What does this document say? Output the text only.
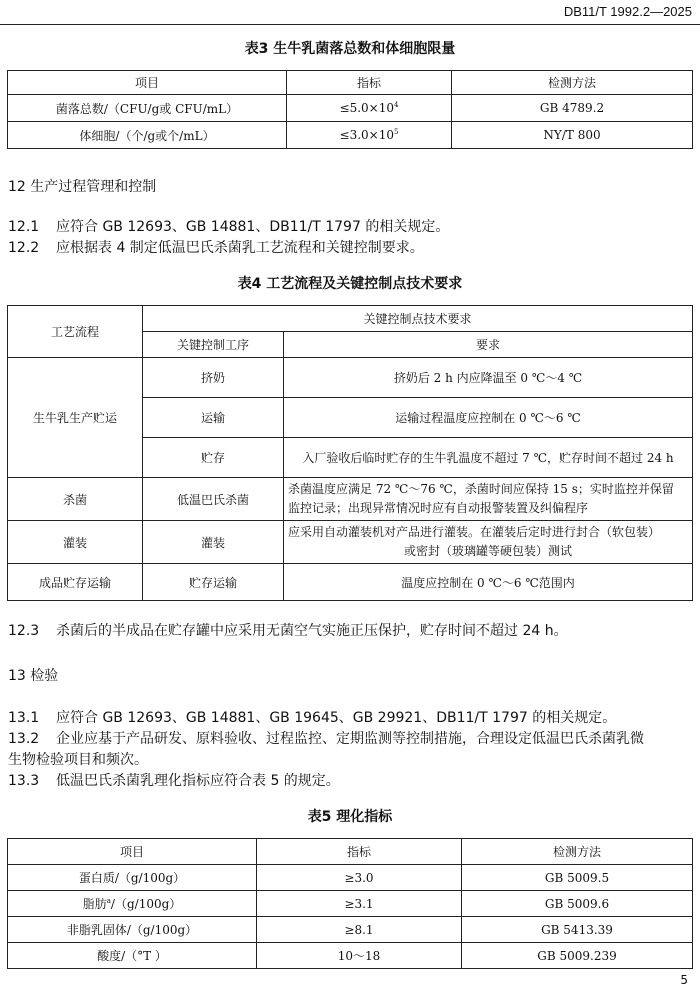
DB11/T 1992.2—2025
表3 生牛乳菌落总数和体细胞限量
项目	指标	检测方法
菌落总数/（CFU/g或 CFU/mL）	$\le 5.0\times 10^4$	GB 4789.2
体细胞/（个/g或个/mL）	$\le 3.0\times 10^5$	NY/T 800
12 生产过程管理和控制
12.1 应符合 GB 12693、GB 14881、DB11/T 1797 的相关规定。
12.2 应根据表 4 制定低温巴氏杀菌乳工艺流程和关键控制要求。
表4 工艺流程及关键控制点技术要求
工艺流程	关键控制点技术要求	
	关键控制工序	要求
生牛乳生产贮运	挤奶	挤奶后 2 h 内应降温至 0 ℃～4 ℃
	运输	运输过程温度应控制在 0 ℃～6 ℃
	贮存	入厂验收后临时贮存的生牛乳温度不超过 7 ℃，贮存时间不超过 24 h
杀菌	低温巴氏杀菌	杀菌温度应满足 72 ℃～76 ℃，杀菌时间应保持 15 s；实时监控并保留
监控记录；出现异常情况时应有自动报警装置及纠偏程序

灌装	灌装	应采用自动灌装机对产品进行灌装。在灌装后定时进行封合（软包装）
或密封（玻璃罐等硬包装）测试

成品贮存运输	贮存运输	温度应控制在 0 ℃～6 ℃范围内
12.3 杀菌后的半成品在贮存罐中应采用无菌空气实施正压保护，贮存时间不超过 24 h。
13 检验
13.1 应符合 GB 12693、GB 14881、GB 19645、GB 29921、DB11/T 1797 的相关规定。
13.2 企业应基于产品研发、原料验收、过程监控、定期监测等控制措施，合理设定低温巴氏杀菌乳微
生物检验项目和频次。
13.3 低温巴氏杀菌乳理化指标应符合表 5 的规定。
表5 理化指标
项目	指标	检测方法
蛋白质/（g/100g）	≥3.0	GB 5009.5
脂肪$^a$/（g/100g）	≥3.1	GB 5009.6
非脂乳固体/（g/100g）	≥8.1	GB 5413.39
酸度/（°T ）	10～18	GB 5009.239
5
